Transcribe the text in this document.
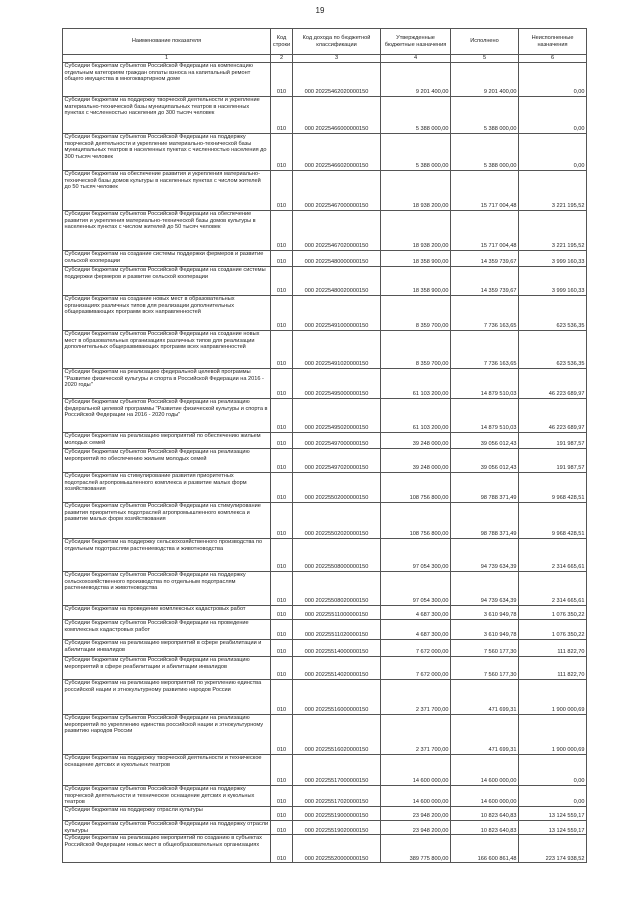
19
Наименование показателя	Код строки	Код дохода по бюджетной классификации	Утвержденные бюджетные назначения	Исполнено	Неисполненные назначения
1	2	3	4	5	6
Субсидии бюджетам субъектов Российской Федерации на компенсацию отдельным категориям граждан оплаты взноса на капитальный ремонт общего имущества в многоквартирном доме	010	000 20225462020000150	9 201 400,00	9 201 400,00	0,00
Субсидии бюджетам на поддержку творческой деятельности и укрепление материально-технической базы муниципальных театров в населенных пунктах с численностью населения до 300 тысяч человек	010	000 20225466000000150	5 388 000,00	5 388 000,00	0,00
Субсидии бюджетам субъектов Российской Федерации на поддержку творческой деятельности и укрепление материально-технической базы муниципальных театров в населенных пунктах с численностью населения до 300 тысяч человек	010	000 20225466020000150	5 388 000,00	5 388 000,00	0,00
Субсидии бюджетам на обеспечение развития и укрепления материально-технической базы домов культуры в населенных пунктах с числом жителей до 50 тысяч человек	010	000 20225467000000150	18 938 200,00	15 717 004,48	3 221 195,52
Субсидии бюджетам субъектов Российской Федерации на обеспечение развития и укрепления материально-технической базы домов культуры в населенных пунктах с числом жителей до 50 тысяч человек	010	000 20225467020000150	18 938 200,00	15 717 004,48	3 221 195,52
Субсидии бюджетам на создание системы поддержки фермеров и развитие сельской кооперации	010	000 20225480000000150	18 358 900,00	14 359 739,67	3 999 160,33
Субсидии бюджетам субъектов Российской Федерации на создание системы поддержки фермеров и развитие сельской кооперации	010	000 20225480020000150	18 358 900,00	14 359 739,67	3 999 160,33
Субсидии бюджетам на создание новых мест в образовательных организациях различных типов для реализации дополнительных общеразвивающих программ всех направленностей	010	000 20225491000000150	8 359 700,00	7 736 163,65	623 536,35
Субсидии бюджетам субъектов Российской Федерации на создание новых мест в образовательных организациях различных типов для реализации дополнительных общеразвивающих программ всех направленностей	010	000 20225491020000150	8 359 700,00	7 736 163,65	623 536,35
Субсидии бюджетам на реализацию федеральной целевой программы "Развитие физической культуры и спорта в Российской Федерации на 2016 - 2020 годы"	010	000 20225495000000150	61 103 200,00	14 879 510,03	46 223 689,97
Субсидии бюджетам субъектов Российской Федерации на реализацию федеральной целевой программы "Развитие физической культуры и спорта в Российской Федерации на 2016 - 2020 годы"	010	000 20225495020000150	61 103 200,00	14 879 510,03	46 223 689,97
Субсидии бюджетам на реализацию мероприятий по обеспечению жильем молодых семей	010	000 20225497000000150	39 248 000,00	39 056 012,43	191 987,57
Субсидии бюджетам субъектов Российской Федерации на реализацию мероприятий по обеспечению жильем молодых семей	010	000 20225497020000150	39 248 000,00	39 056 012,43	191 987,57
Субсидии бюджетам на стимулирование развития приоритетных подотраслей агропромышленного комплекса и развитие малых форм хозяйствования	010	000 20225502000000150	108 756 800,00	98 788 371,49	9 968 428,51
Субсидии бюджетам субъектов Российской Федерации на стимулирование развития приоритетных подотраслей агропромышленного комплекса и развитие малых форм хозяйствования	010	000 20225502020000150	108 756 800,00	98 788 371,49	9 968 428,51
Субсидии бюджетам на поддержку сельскохозяйственного производства по отдельным подотраслям растениеводства и животноводства	010	000 20225508000000150	97 054 300,00	94 739 634,39	2 314 665,61
Субсидии бюджетам субъектов Российской Федерации на поддержку сельскохозяйственного производства по отдельным подотраслям растениеводства и животноводства	010	000 20225508020000150	97 054 300,00	94 739 634,39	2 314 665,61
Субсидии бюджетам на проведение комплексных кадастровых работ	010	000 20225511000000150	4 687 300,00	3 610 949,78	1 076 350,22
Субсидии бюджетам субъектов Российской Федерации на проведение комплексных кадастровых работ	010	000 20225511020000150	4 687 300,00	3 610 949,78	1 076 350,22
Субсидии бюджетам на реализацию мероприятий в сфере реабилитации и абилитации инвалидов	010	000 20225514000000150	7 672 000,00	7 560 177,30	111 822,70
Субсидии бюджетам субъектов Российской Федерации на реализацию мероприятий в сфере реабилитации и абилитации инвалидов	010	000 20225514020000150	7 672 000,00	7 560 177,30	111 822,70
Субсидии бюджетам на реализацию мероприятий по укреплению единства российской нации и этнокультурному развитию народов России	010	000 20225516000000150	2 371 700,00	471 699,31	1 900 000,69
Субсидии бюджетам субъектов Российской Федерации на реализацию мероприятий по укреплению единства российской нации и этнокультурному развитию народов России	010	000 20225516020000150	2 371 700,00	471 699,31	1 900 000,69
Субсидии бюджетам на поддержку творческой деятельности и техническое оснащение детских и кукольных театров	010	000 20225517000000150	14 600 000,00	14 600 000,00	0,00
Субсидии бюджетам субъектов Российской Федерации на поддержку творческой деятельности и техническое оснащение детских и кукольных театров	010	000 20225517020000150	14 600 000,00	14 600 000,00	0,00
Субсидии бюджетам на поддержку отрасли культуры	010	000 20225519000000150	23 948 200,00	10 823 640,83	13 124 559,17
Субсидии бюджетам субъектов Российской Федерации на поддержку отрасли культуры	010	000 20225519020000150	23 948 200,00	10 823 640,83	13 124 559,17
Субсидии бюджетам на реализацию мероприятий по созданию в субъектах Российской Федерации новых мест в общеобразовательных организациях	010	000 20225520000000150	389 775 800,00	166 600 861,48	223 174 938,52
